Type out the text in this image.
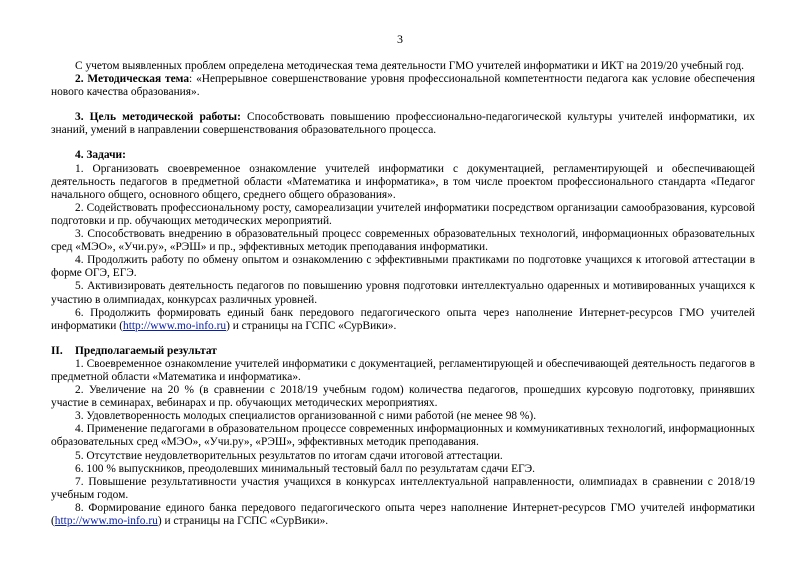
3

С учетом выявленных проблем определена методическая тема деятельности ГМО учителей информатики и ИКТ на 2019/20 учебный год.

2. Методическая тема: «Непрерывное совершенствование уровня профессиональной компетентности педагога как условие обеспечения нового качества образования».

3. Цель методической работы: Способствовать повышению профессионально-педагогической культуры учителей информатики, их знаний, умений в направлении совершенствования образовательного процесса.

4. Задачи:

1. Организовать своевременное ознакомление учителей информатики с документацией, регламентирующей и обеспечивающей деятельность педагогов в предметной области «Математика и информатика», в том числе проектом профессионального стандарта «Педагог начального общего, основного общего, среднего общего образования».

2. Содействовать профессиональному росту, самореализации учителей информатики посредством организации самообразования, курсовой подготовки и пр. обучающих методических мероприятий.

3. Способствовать внедрению в образовательный процесс современных образовательных технологий, информационных образовательных сред «МЭО», «Учи.ру», «РЭШ» и пр., эффективных методик преподавания информатики.

4. Продолжить работу по обмену опытом и ознакомлению с эффективными практиками по подготовке учащихся к итоговой аттестации в форме ОГЭ, ЕГЭ.

5. Активизировать деятельность педагогов по повышению уровня подготовки интеллектуально одаренных и мотивированных учащихся к участию в олимпиадах, конкурсах различных уровней.

6. Продолжить формировать единый банк передового педагогического опыта через наполнение Интернет-ресурсов ГМО учителей информатики (http://www.mo-info.ru) и страницы на ГСПС «СурВики».

II. Предполагаемый результат

1. Своевременное ознакомление учителей информатики с документацией, регламентирующей и обеспечивающей деятельность педагогов в предметной области «Математика и информатика».

2. Увеличение на 20 % (в сравнении с 2018/19 учебным годом) количества педагогов, прошедших курсовую подготовку, принявших участие в семинарах, вебинарах и пр. обучающих методических мероприятиях.

3. Удовлетворенность молодых специалистов организованной с ними работой (не менее 98 %).

4. Применение педагогами в образовательном процессе современных информационных и коммуникативных технологий, информационных образовательных сред «МЭО», «Учи.ру», «РЭШ», эффективных методик преподавания.

5. Отсутствие неудовлетворительных результатов по итогам сдачи итоговой аттестации.

6. 100 % выпускников, преодолевших минимальный тестовый балл по результатам сдачи ЕГЭ.

7. Повышение результативности участия учащихся в конкурсах интеллектуальной направленности, олимпиадах в сравнении с 2018/19 учебным годом.

8. Формирование единого банка передового педагогического опыта через наполнение Интернет-ресурсов ГМО учителей информатики (http://www.mo-info.ru) и страницы на ГСПС «СурВики».
